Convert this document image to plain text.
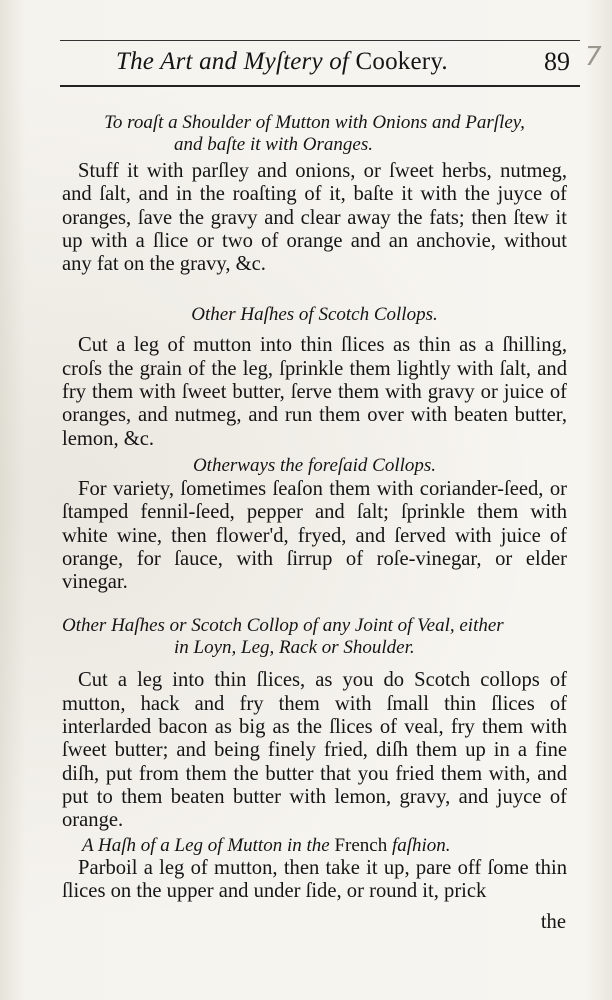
The Art and Myſtery of Cookery.	89 7
To roaſt a Shoulder of Mutton with Onions and Parſley,
and baſte it with Oranges.

Stuff it with parſley and onions, or ſweet herbs, nutmeg, and ſalt, and in the roaſting of it, baſte it with the juyce of oranges, ſave the gravy and clear away the fats; then ſtew it up with a ſlice or two of orange and an anchovie, without any fat on the gravy, &c.

Other Haſhes of Scotch Collops.

Cut a leg of mutton into thin ſlices as thin as a ſhilling, croſs the grain of the leg, ſprinkle them lightly with ſalt, and fry them with ſweet butter, ſerve them with gravy or juice of oranges, and nutmeg, and run them over with beaten butter, lemon, &c.

Otherways the foreſaid Collops.

For variety, ſometimes ſeaſon them with coriander-ſeed, or ſtamped fennil-ſeed, pepper and ſalt; ſprinkle them with white wine, then flower'd, fryed, and ſerved with juice of orange, for ſauce, with ſirrup of roſe-vinegar, or elder vinegar.

Other Haſhes or Scotch Collop of any Joint of Veal, either
in Loyn, Leg, Rack or Shoulder.

Cut a leg into thin ſlices, as you do Scotch collops of mutton, hack and fry them with ſmall thin ſlices of interlarded bacon as big as the ſlices of veal, fry them with ſweet butter; and being finely fried, diſh them up in a fine diſh, put from them the butter that you fried them with, and put to them beaten butter with lemon, gravy, and juyce of orange.

A Haſh of a Leg of Mutton in the French faſhion.

Parboil a leg of mutton, then take it up, pare off ſome thin ſlices on the upper and under ſide, or round it, prick

the
